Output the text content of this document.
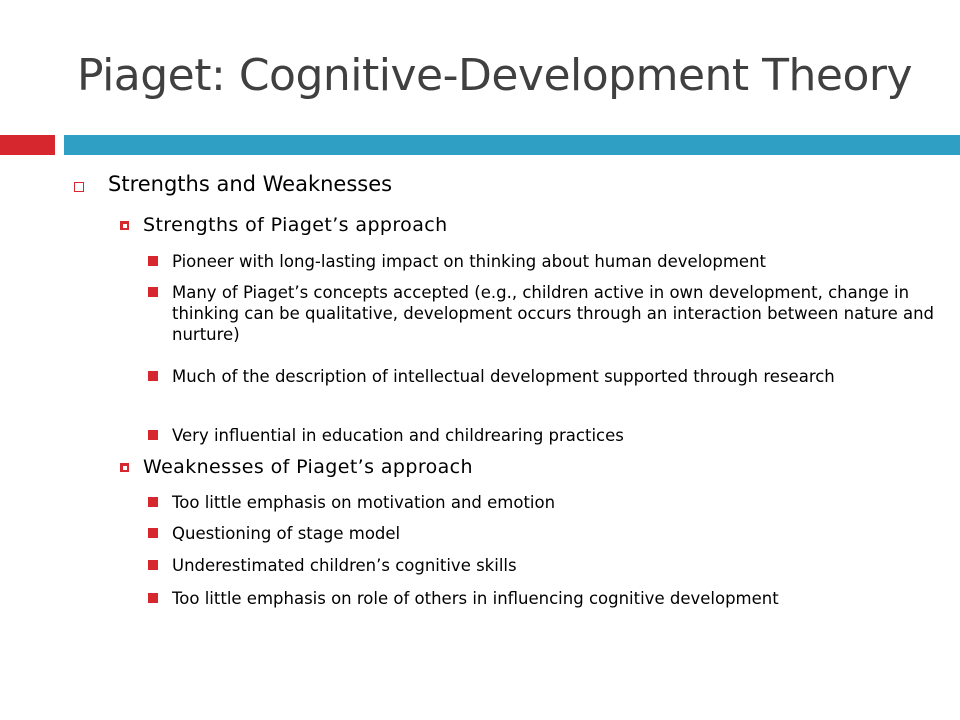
Piaget: Cognitive-Development Theory
Strengths and Weaknesses
Strengths of Piaget’s approach
Pioneer with long-lasting impact on thinking about human development
Many of Piaget’s concepts accepted (e.g., children active in own development, change in thinking can be qualitative, development occurs through an interaction between nature and nurture)
Much of the description of intellectual development supported through research
Very influential in education and childrearing practices
Weaknesses of Piaget’s approach
Too little emphasis on motivation and emotion
Questioning of stage model
Underestimated children’s cognitive skills
Too little emphasis on role of others in influencing cognitive development
